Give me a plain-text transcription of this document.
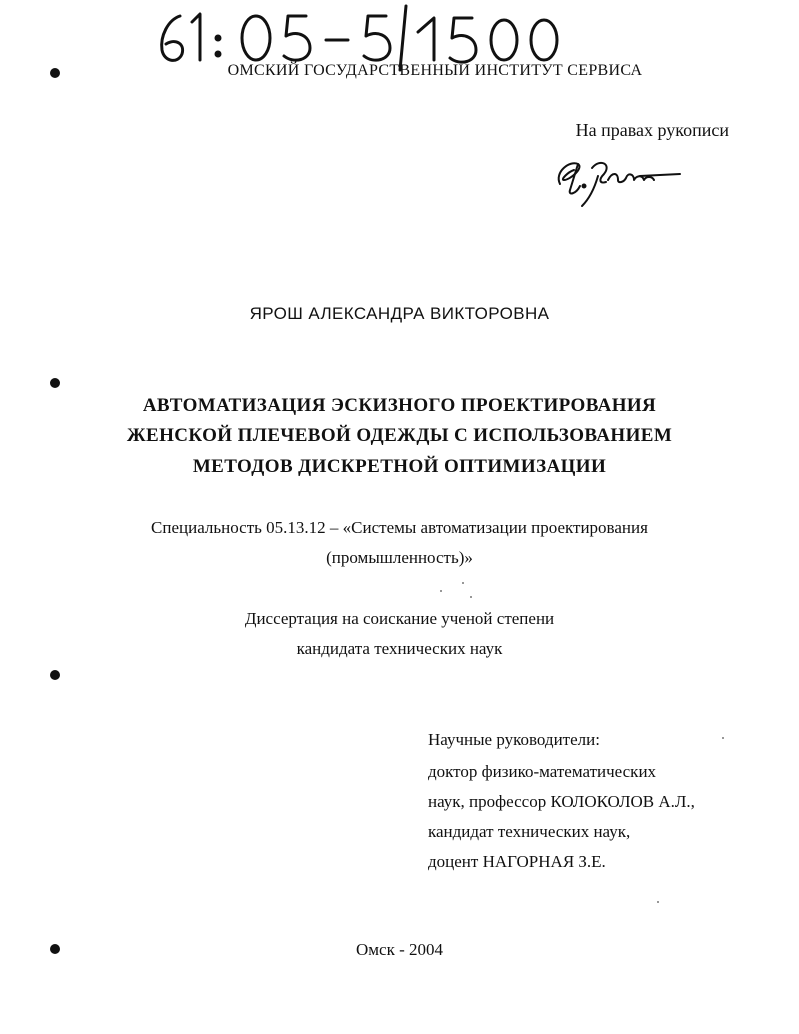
ОМСКИЙ ГОСУДАРСТВЕННЫЙ ИНСТИТУТ СЕРВИСА
На правах рукописи
ЯРОШ АЛЕКСАНДРА ВИКТОРОВНА
АВТОМАТИЗАЦИЯ ЭСКИЗНОГО ПРОЕКТИРОВАНИЯ
ЖЕНСКОЙ ПЛЕЧЕВОЙ ОДЕЖДЫ С ИСПОЛЬЗОВАНИЕМ
МЕТОДОВ ДИСКРЕТНОЙ ОПТИМИЗАЦИИ
Специальность 05.13.12 – «Системы автоматизации проектирования
(промышленность)»
Диссертация на соискание ученой степени
кандидата технических наук
Научные руководители:
доктор физико-математических
наук, профессор КОЛОКОЛОВ А.Л.,
кандидат технических наук,
доцент НАГОРНАЯ З.Е.
Омск - 2004
